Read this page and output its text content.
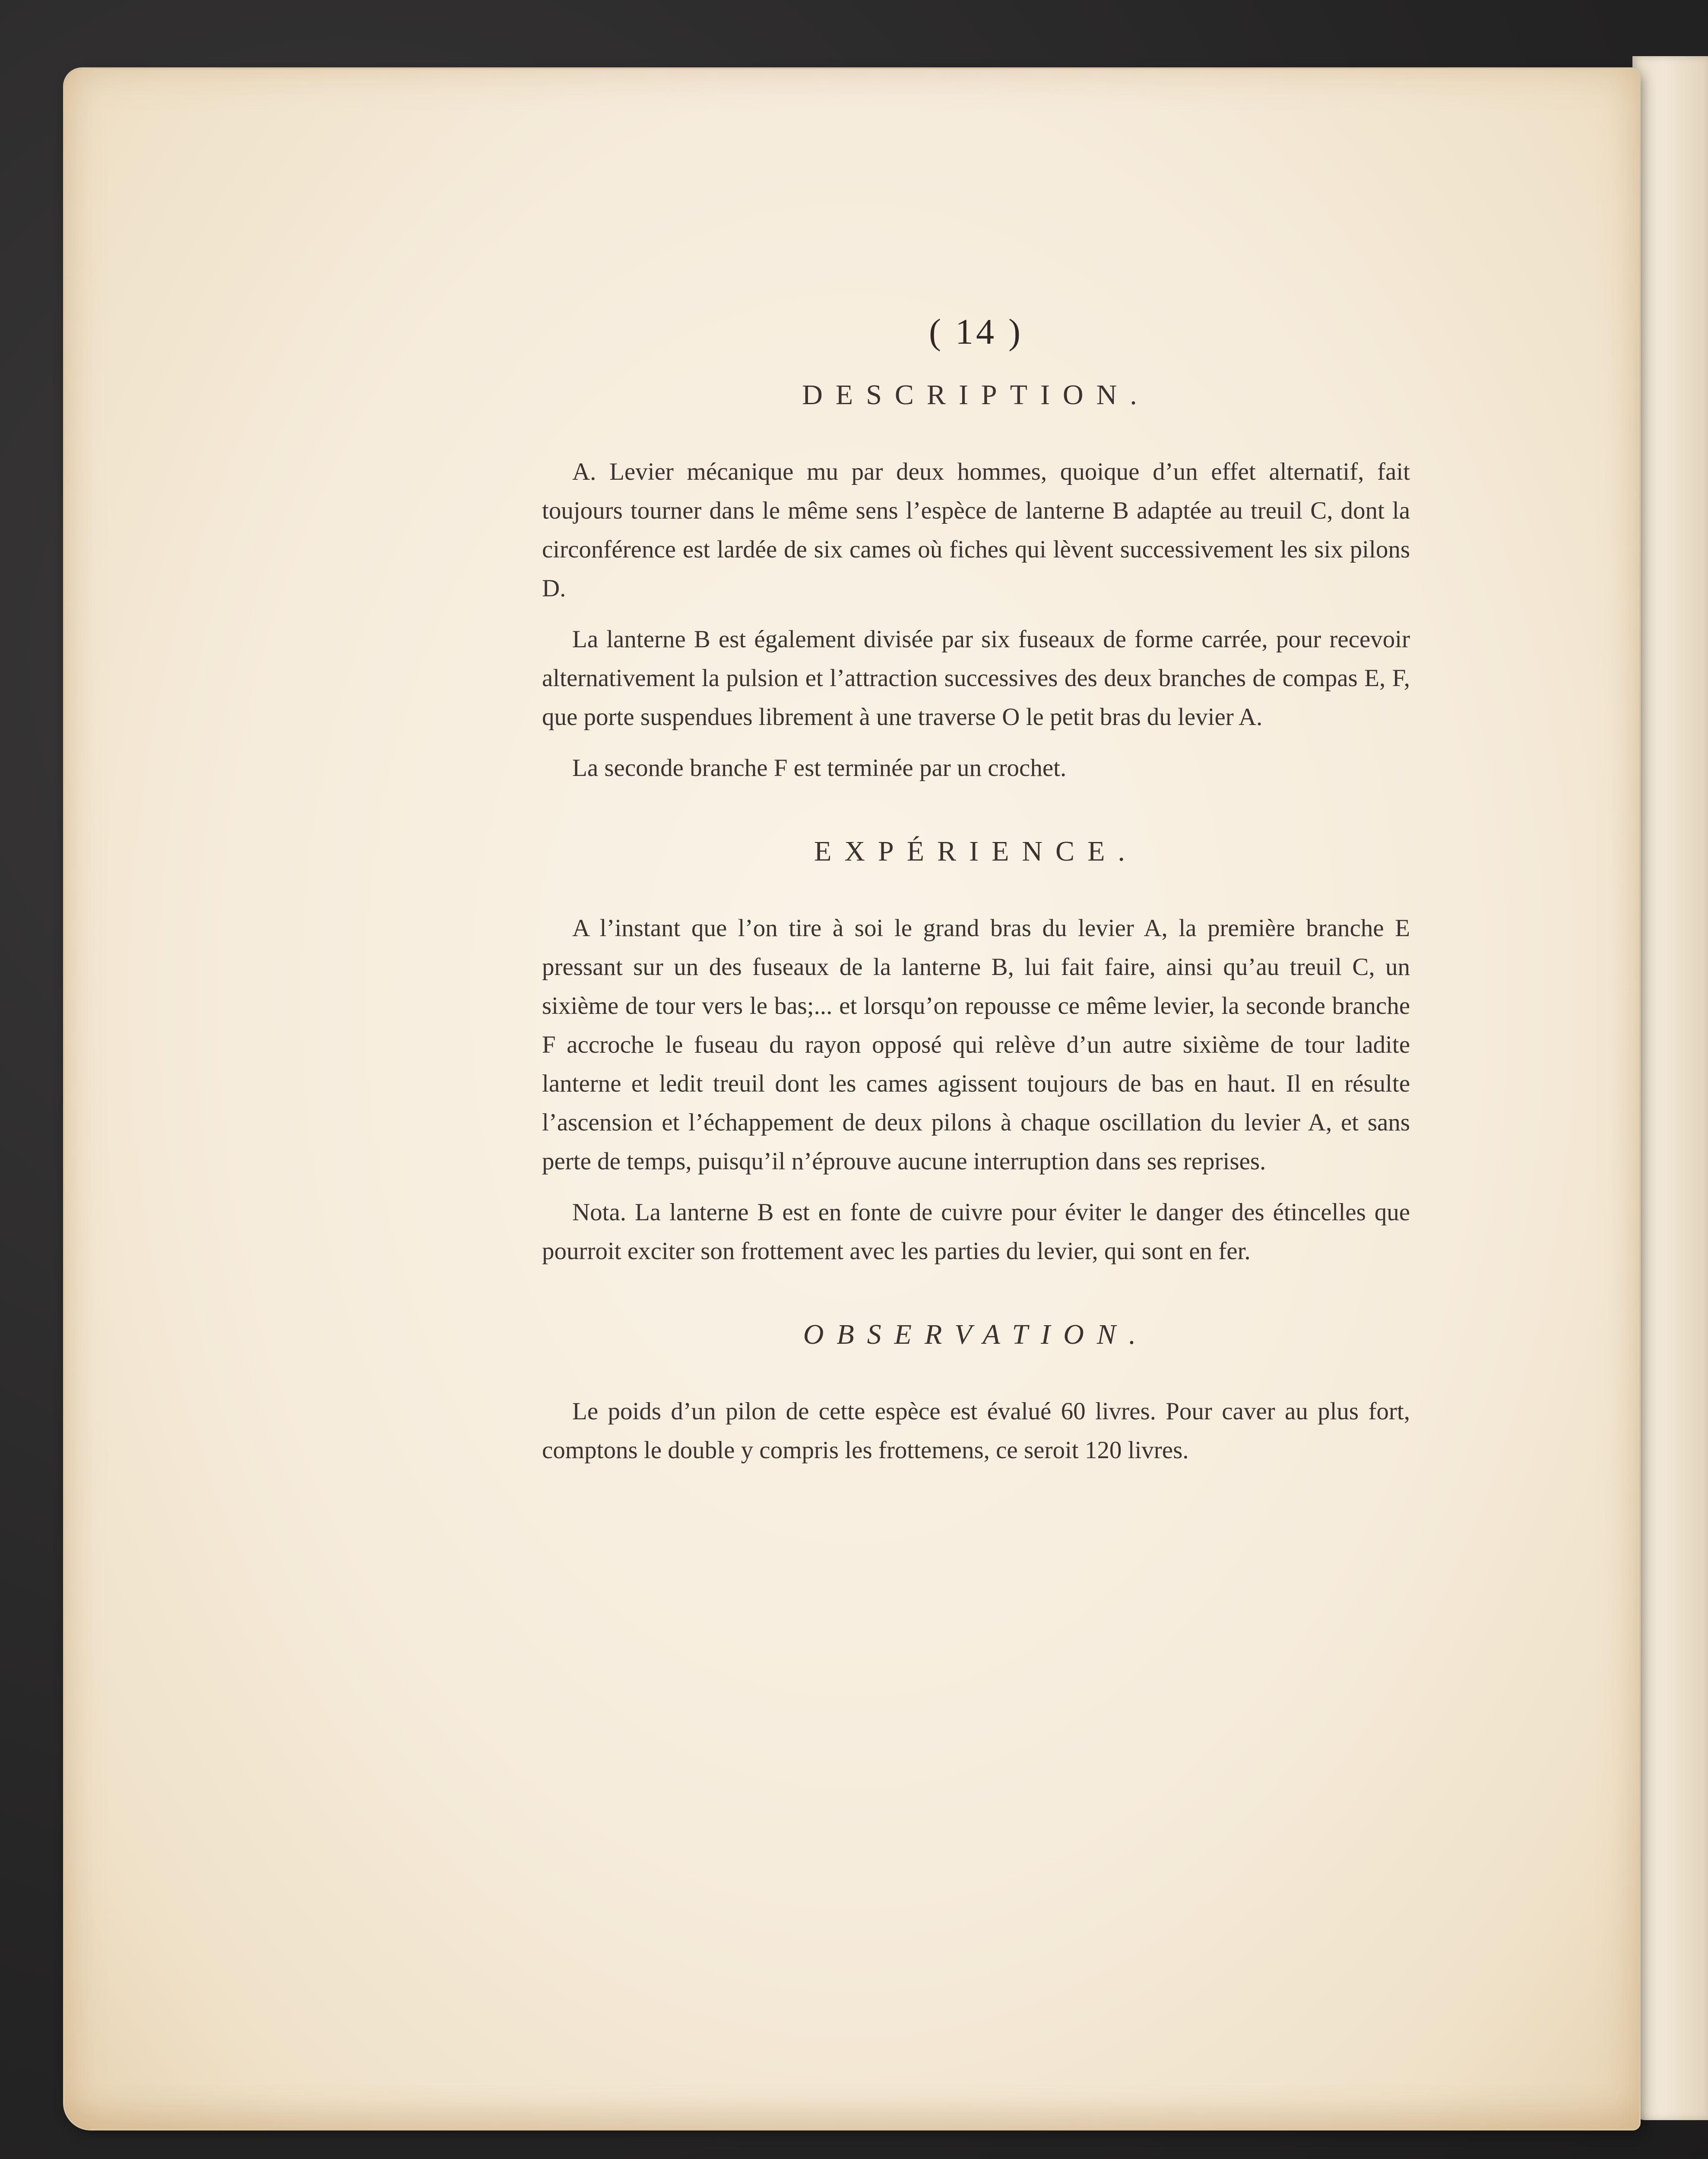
( 14 )
DESCRIPTION.

A. Levier mécanique mu par deux hommes, quoique d’un effet alternatif, fait toujours tourner dans le même sens l’espèce de lanterne B adaptée au treuil C, dont la circonférence est lardée de six cames où fiches qui lèvent successivement les six pilons D.

La lanterne B est également divisée par six fuseaux de forme carrée, pour recevoir alternativement la pulsion et l’attraction successives des deux branches de compas E, F, que porte suspendues librement à une traverse O le petit bras du levier A.

La seconde branche F est terminée par un crochet.

EXPÉRIENCE.

A l’instant que l’on tire à soi le grand bras du levier A, la première branche E pressant sur un des fuseaux de la lanterne B, lui fait faire, ainsi qu’au treuil C, un sixième de tour vers le bas;... et lorsqu’on repousse ce même levier, la seconde branche F accroche le fuseau du rayon opposé qui relève d’un autre sixième de tour ladite lanterne et ledit treuil dont les cames agissent toujours de bas en haut. Il en résulte l’ascension et l’échappement de deux pilons à chaque oscillation du levier A, et sans perte de temps, puisqu’il n’éprouve aucune interruption dans ses reprises.

Nota. La lanterne B est en fonte de cuivre pour éviter le danger des étincelles que pourroit exciter son frottement avec les parties du levier, qui sont en fer.

OBSERVATION.

Le poids d’un pilon de cette espèce est évalué 60 livres. Pour caver au plus fort, comptons le double y compris les frottemens, ce seroit 120 livres.
